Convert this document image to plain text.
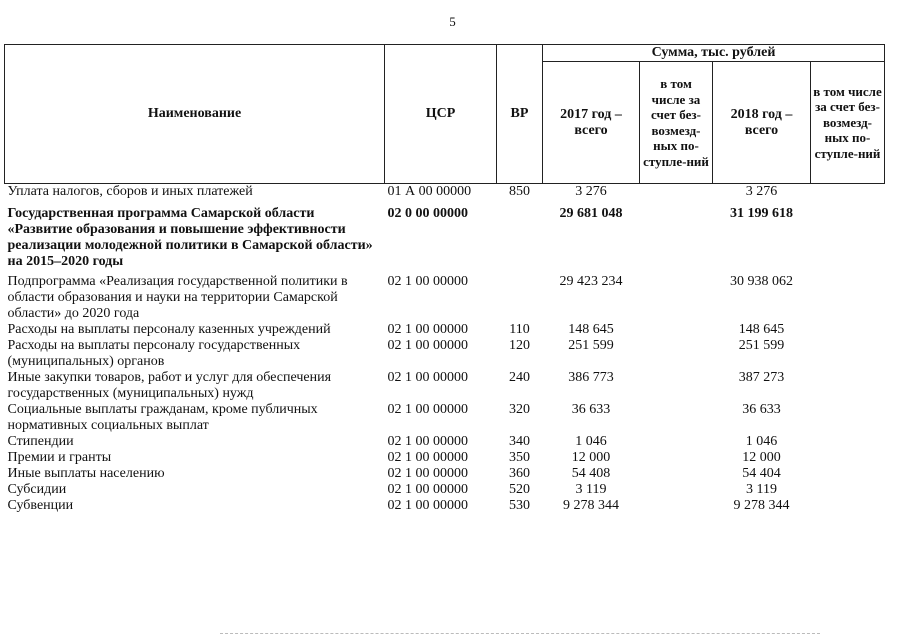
5
Наименование	ЦСР	ВР	Сумма, тыс. рублей			
			2017 год – всего	в том числе за счет без-возмезд-ных по-ступле-ний	2018 год – всего	в том числе за счет без-возмезд-ных по-ступле-ний
Уплата налогов, сборов и иных платежей	01 А 00 00000	850	3 276		3 276	
Государственная программа Самарской области «Развитие образования и повышение эффективности реализации молодежной политики в Самарской области» на 2015–2020 годы	02 0 00 00000		29 681 048		31 199 618	
Подпрограмма «Реализация государственной политики в области образования и науки на территории Самарской области» до 2020 года	02 1 00 00000		29 423 234		30 938 062	
Расходы на выплаты персоналу казенных учреждений	02 1 00 00000	110	148 645		148 645	
Расходы на выплаты персоналу государственных (муниципальных) органов	02 1 00 00000	120	251 599		251 599	
Иные закупки товаров, работ и услуг для обеспечения государственных (муниципальных) нужд	02 1 00 00000	240	386 773		387 273	
Социальные выплаты гражданам, кроме публичных нормативных социальных выплат	02 1 00 00000	320	36 633		36 633	
Стипендии	02 1 00 00000	340	1 046		1 046	
Премии и гранты	02 1 00 00000	350	12 000		12 000	
Иные выплаты населению	02 1 00 00000	360	54 408		54 404	
Субсидии	02 1 00 00000	520	3 119		3 119	
Субвенции	02 1 00 00000	530	9 278 344		9 278 344	
